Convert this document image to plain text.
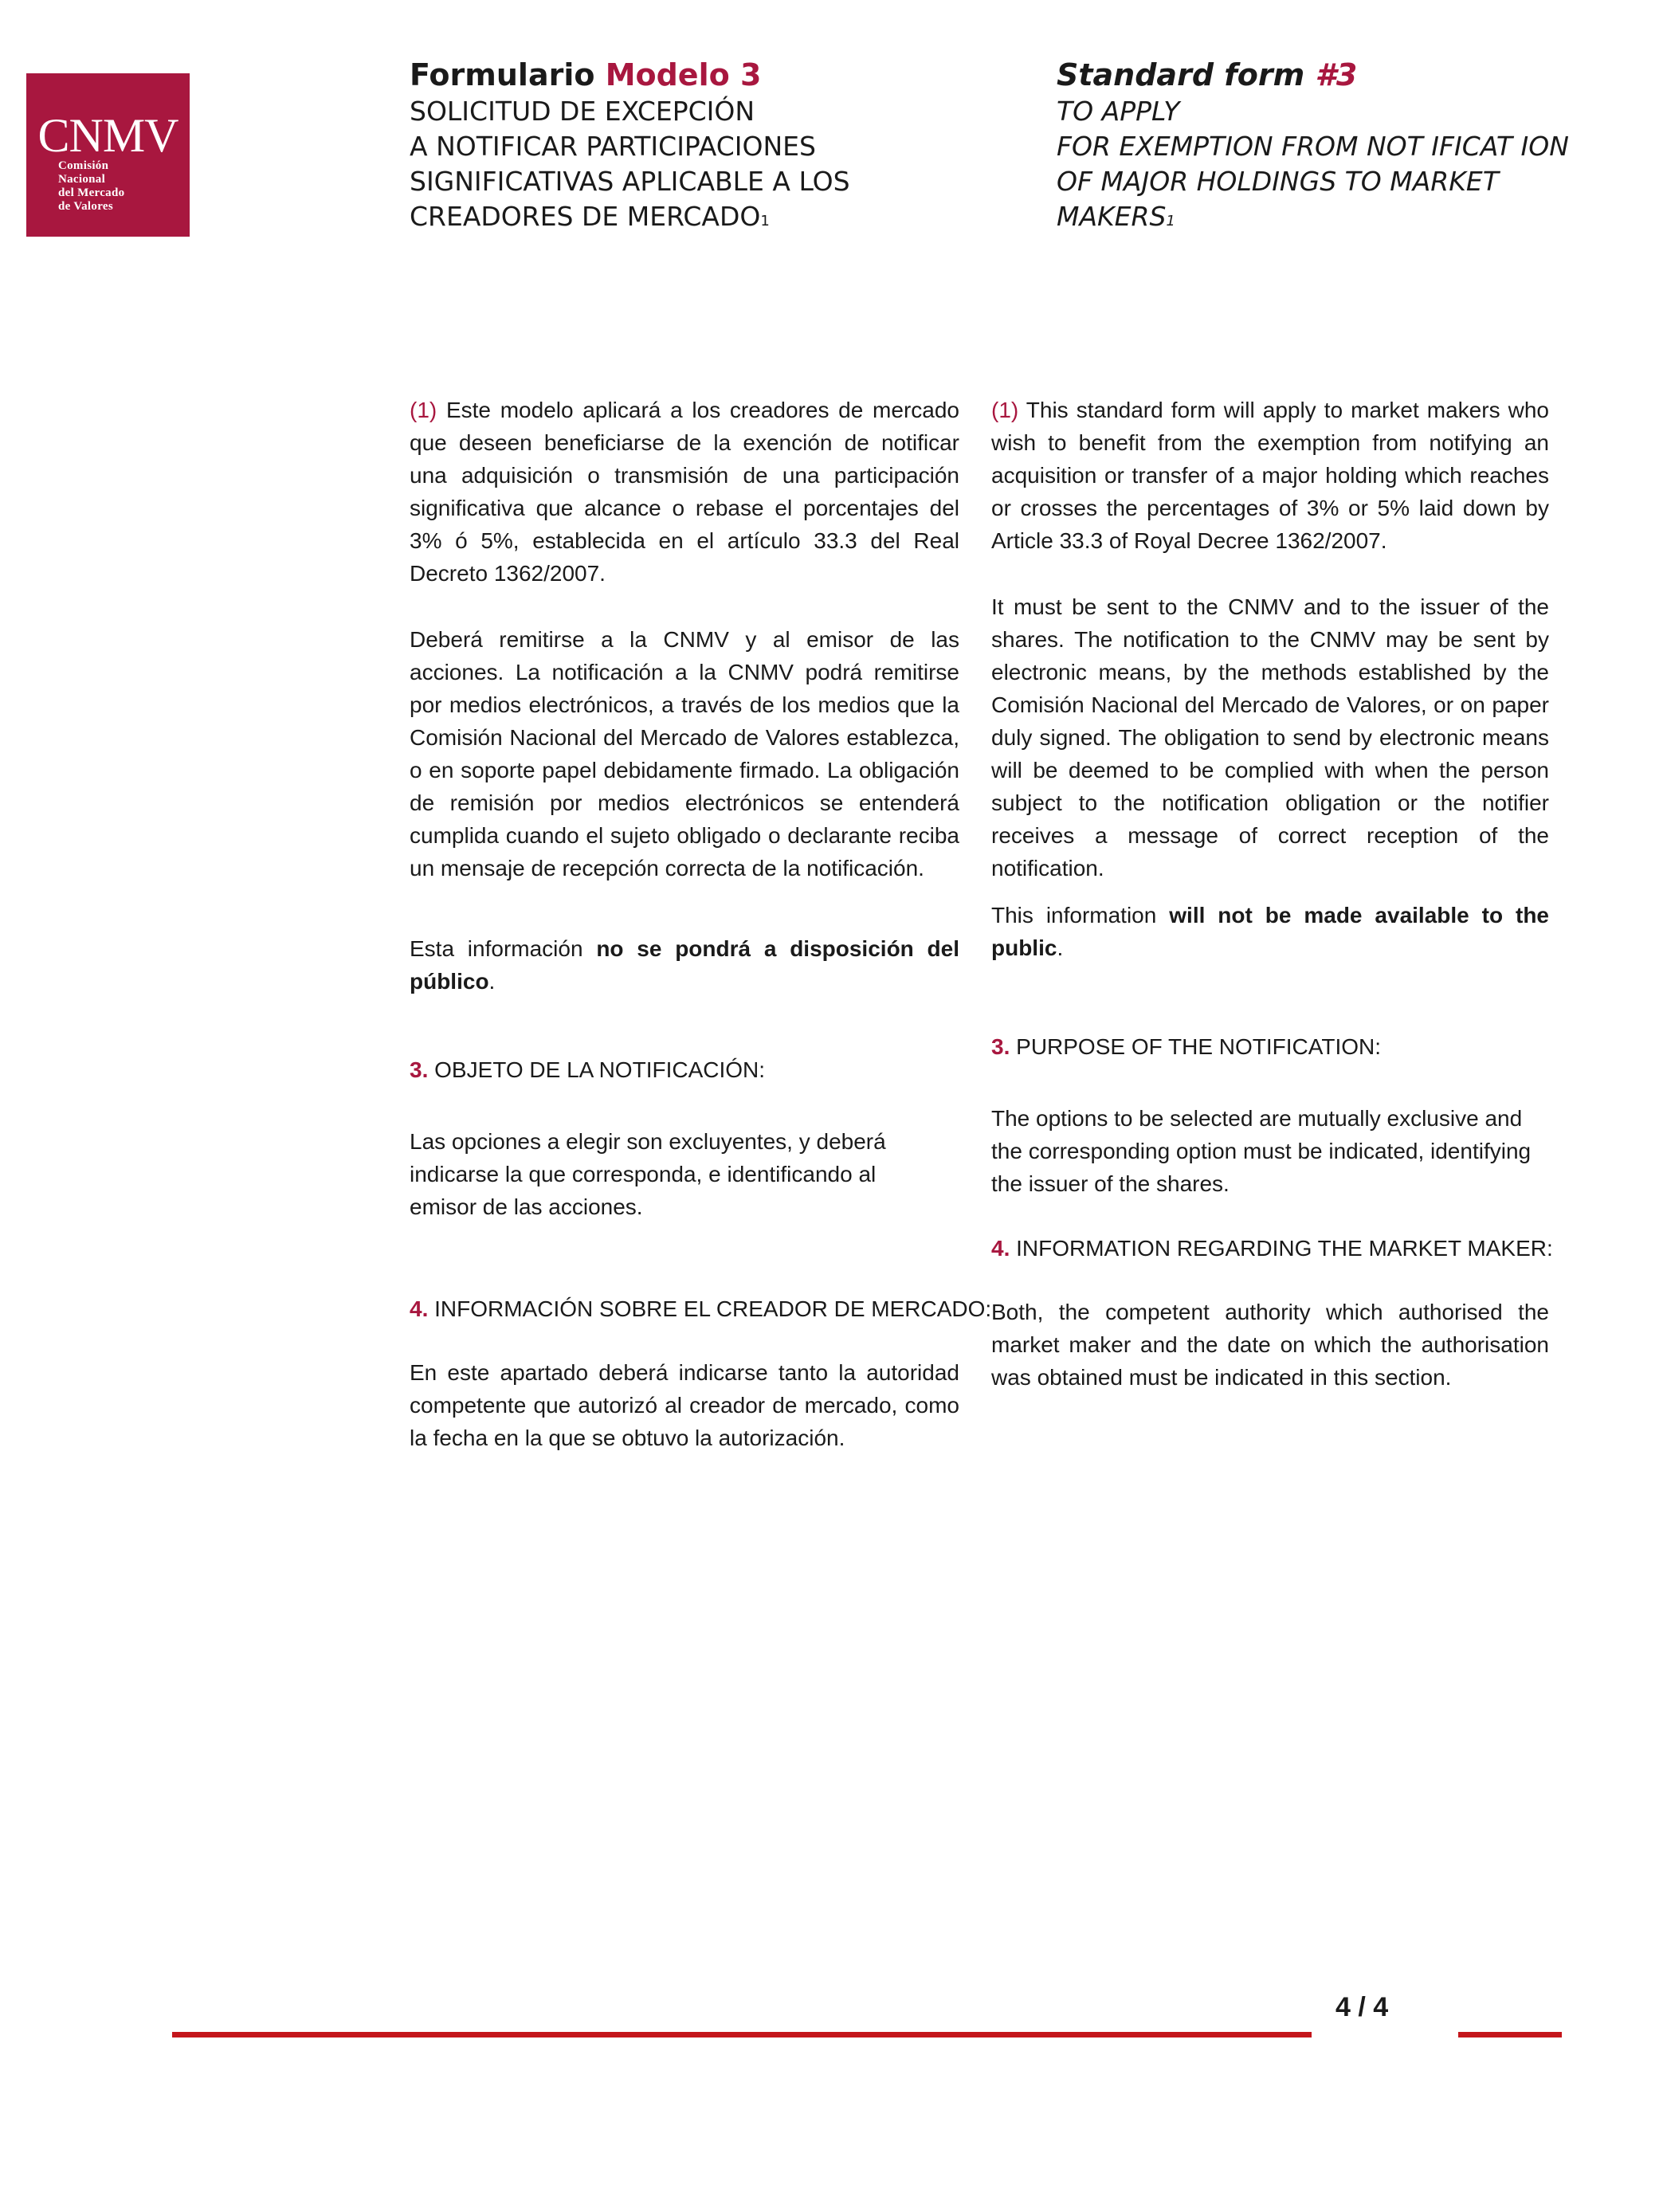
CNMV
Comisión
Nacional
del Mercado
de Valores
Formulario Modelo 3
SOLICITUD DE EXCEPCIÓN
A NOTIFICAR PARTICIPACIONES
SIGNIFICATIVAS APLICABLE A LOS
CREADORES DE MERCADO1
Standard form #3
TO APPLY
FOR EXEMPTION FROM NOT IFICAT ION
OF MAJOR HOLDINGS TO MARKET
MAKERS1
(1) Este modelo aplicará a los creadores de mercado que deseen beneficiarse de la exención de notificar una adquisición o transmisión de una participación significativa que alcance o rebase el porcentajes del 3% ó 5%, establecida en el artículo 33.3 del Real Decreto 1362/2007.
Deberá remitirse a la CNMV y al emisor de las acciones. La notificación a la CNMV podrá remitirse por medios electrónicos, a través de los medios que la Comisión Nacional del Mercado de Valores establezca, o en soporte papel debidamente firmado. La obligación de remisión por medios electrónicos se entenderá cumplida cuando el sujeto obligado o declarante reciba un mensaje de recepción correcta de la notificación.
Esta información no se pondrá a disposición del público.
3. OBJETO DE LA NOTIFICACIÓN:
Las opciones a elegir son excluyentes, y deberá indicarse la que corresponda, e identificando al emisor de las acciones.
4. INFORMACIÓN SOBRE EL CREADOR DE MERCADO:
En este apartado deberá indicarse tanto la autoridad competente que autorizó al creador de mercado, como la fecha en la que se obtuvo la autorización.
(1) This standard form will apply to market makers who wish to benefit from the exemption from notifying an acquisition or transfer of a major holding which reaches or crosses the percentages of 3% or 5% laid down by Article 33.3 of Royal Decree 1362/2007.
It must be sent to the CNMV and to the issuer of the shares. The notification to the CNMV may be sent by electronic means, by the methods established by the Comisión Nacional del Mercado de Valores, or on paper duly signed. The obligation to send by electronic means will be deemed to be complied with when the person subject to the notification obligation or the notifier receives a message of correct reception of the notification.
This information will not be made available to the public.
3. PURPOSE OF THE NOTIFICATION:
The options to be selected are mutually exclusive and the corresponding option must be indicated, identifying the issuer of the shares.
4. INFORMATION REGARDING THE MARKET MAKER:
Both, the competent authority which authorised the market maker and the date on which the authorisation was obtained must be indicated in this section.
4 / 4
